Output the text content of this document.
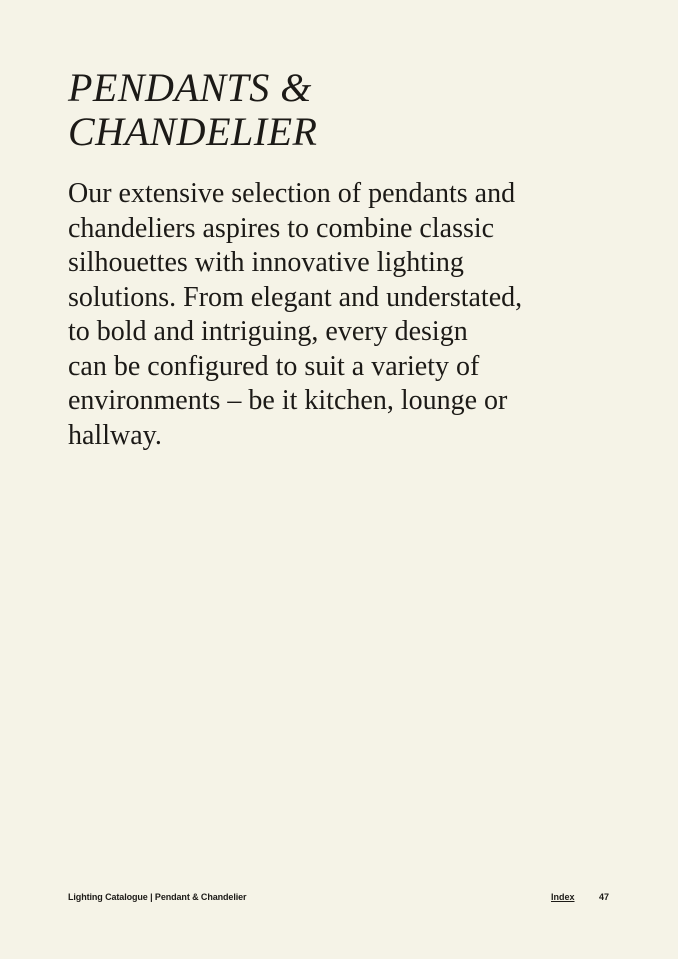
PENDANTS &
CHANDELIER

Our extensive selection of pendants and
chandeliers aspires to combine classic
silhouettes with innovative lighting
solutions. From elegant and understated,
to bold and intriguing, every design
can be configured to suit a variety of
environments – be it kitchen, lounge or
hallway.

Lighting Catalogue | Pendant & Chandelier	Index	47
